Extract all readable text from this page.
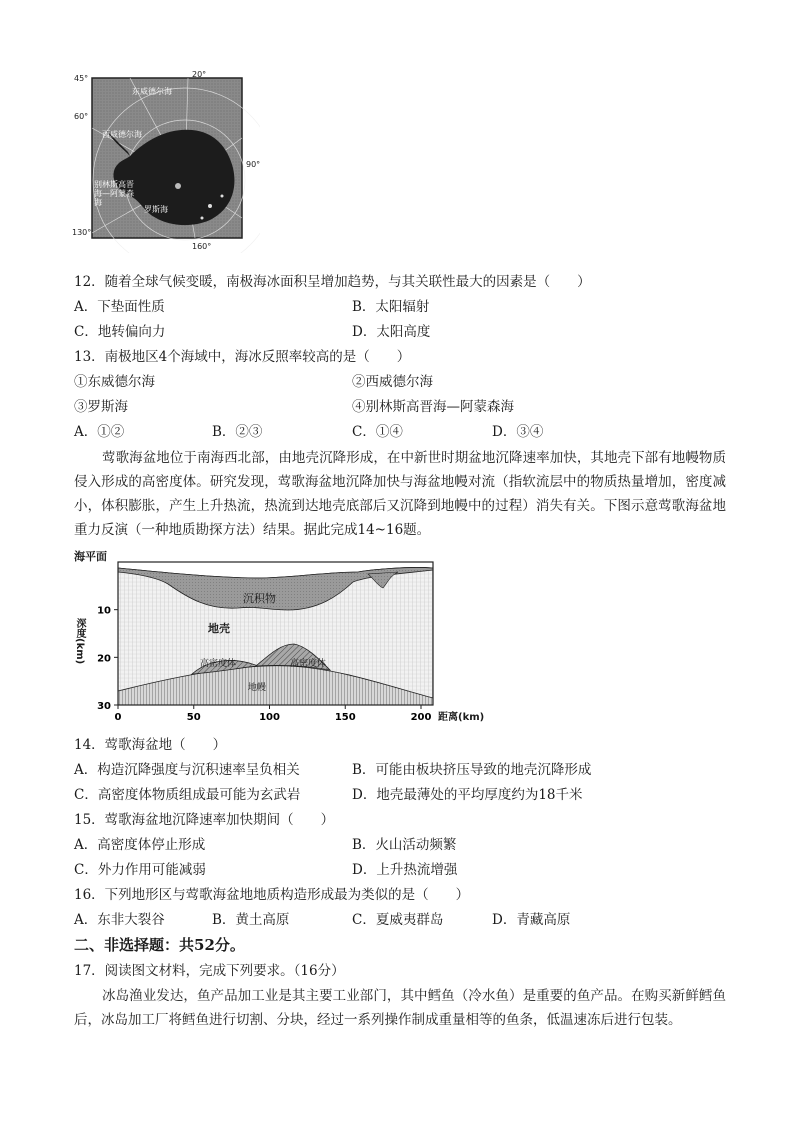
20°
90°
160°
45°
60°
130°
东威德尔海
西威德尔海
别林斯高晋海—阿蒙森海
罗斯海
12．随着全球气候变暖，南极海冰面积呈增加趋势，与其关联性最大的因素是（　　）
A．下垫面性质	B．太阳辐射
C．地转偏向力	D．太阳高度
13．南极地区4个海域中，海冰反照率较高的是（　　）
①东威德尔海	②西威德尔海
③罗斯海	④别林斯高晋海—阿蒙森海
A．①②	B．②③	C．①④	D．③④
莺歌海盆地位于南海西北部，由地壳沉降形成，在中新世时期盆地沉降速率加快，其地壳下部有地幔物质侵入形成的高密度体。研究发现，莺歌海盆地沉降加快与海盆地幔对流（指软流层中的物质热量增加，密度减小，体积膨胀，产生上升热流，热流到达地壳底部后又沉降到地幔中的过程）消失有关。下图示意莺歌海盆地重力反演（一种地质勘探方法）结果。据此完成14~16题。
10
20
30
0	50	100	150	200
海平面
深度(km)
距离(km)
沉积物
地壳
高密度体	高密度体
地幔
14．莺歌海盆地（　　）
A．构造沉降强度与沉积速率呈负相关	B．可能由板块挤压导致的地壳沉降形成
C．高密度体物质组成最可能为玄武岩	D．地壳最薄处的平均厚度约为18千米
15．莺歌海盆地沉降速率加快期间（　　）
A．高密度体停止形成	B．火山活动频繁
C．外力作用可能减弱	D．上升热流增强
16．下列地形区与莺歌海盆地地质构造形成最为类似的是（　　）
A．东非大裂谷	B．黄土高原	C．夏威夷群岛	D．青藏高原
二、非选择题：共52分。
17．阅读图文材料，完成下列要求。（16分）
冰岛渔业发达，鱼产品加工业是其主要工业部门，其中鳕鱼（冷水鱼）是重要的鱼产品。在购买新鲜鳕鱼后，冰岛加工厂将鳕鱼进行切割、分块，经过一系列操作制成重量相等的鱼条，低温速冻后进行包装。
